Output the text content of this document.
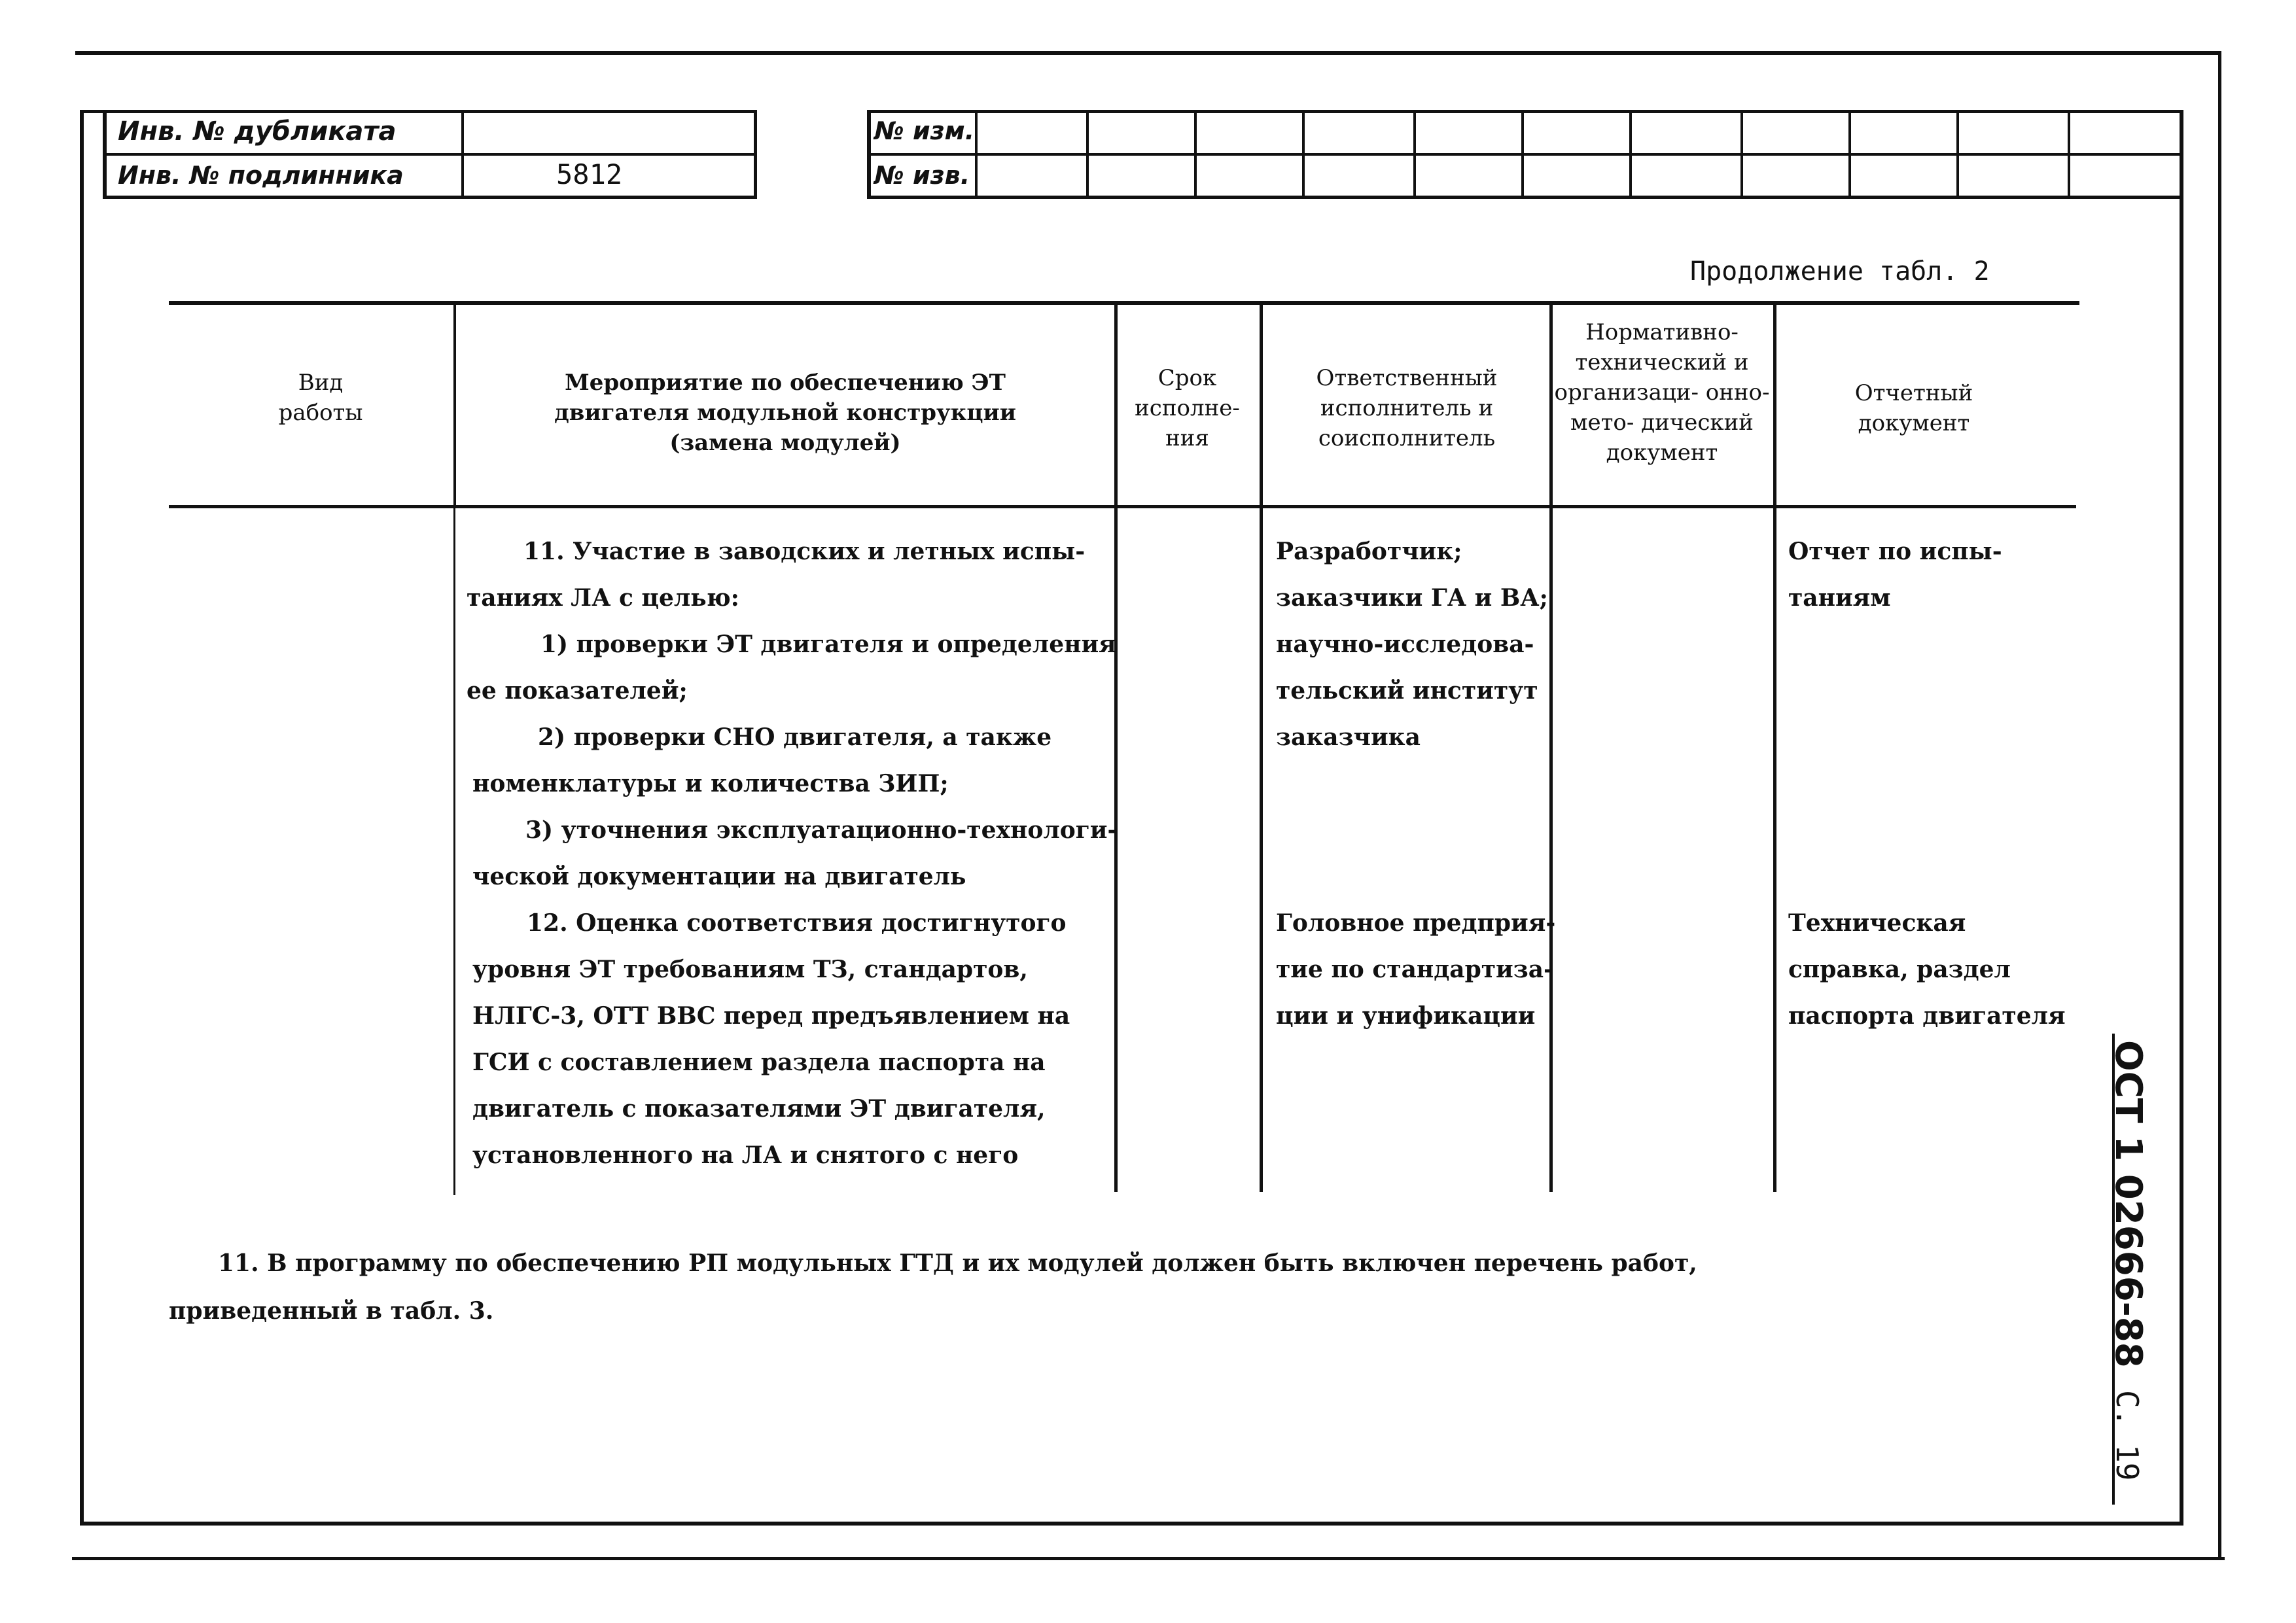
Инв. № дубликата
Инв. № подлинника	5812
№ изм.
№ изв.
Продолжение табл. 2
Вид работы
Мероприятие по обеспечению ЭТ двигателя модульной конструкции (замена модулей)
Срок исполне- ния
Ответственный исполнитель и соисполнитель
Нормативно- технический и организаци- онно-мето- дический документ
Отчетный документ
11. Участие в заводских и летных испы-
таниях ЛА с целью:
1) проверки ЭТ двигателя и определения
ее показателей;
2) проверки СНО двигателя, а также
номенклатуры и количества ЗИП;
3) уточнения эксплуатационно-технологи-
ческой документации на двигатель
12. Оценка соответствия достигнутого
уровня ЭТ требованиям ТЗ, стандартов,
НЛГС-3, ОТТ ВВС перед предъявлением на
ГСИ с составлением раздела паспорта на
двигатель с показателями ЭТ двигателя,
установленного на ЛА и снятого с него
Разработчик;
заказчики ГА и ВА;
научно-исследова-
тельский институт
заказчика
Головное предприя-
тие по стандартиза-
ции и унификации
Отчет по испы-
таниям
Техническая
справка, раздел
паспорта двигателя
11. В программу по обеспечению РП модульных ГТД и их модулей должен быть включен перечень работ,
приведенный в табл. 3.	ОСТ 1 02666-88
С. 19
